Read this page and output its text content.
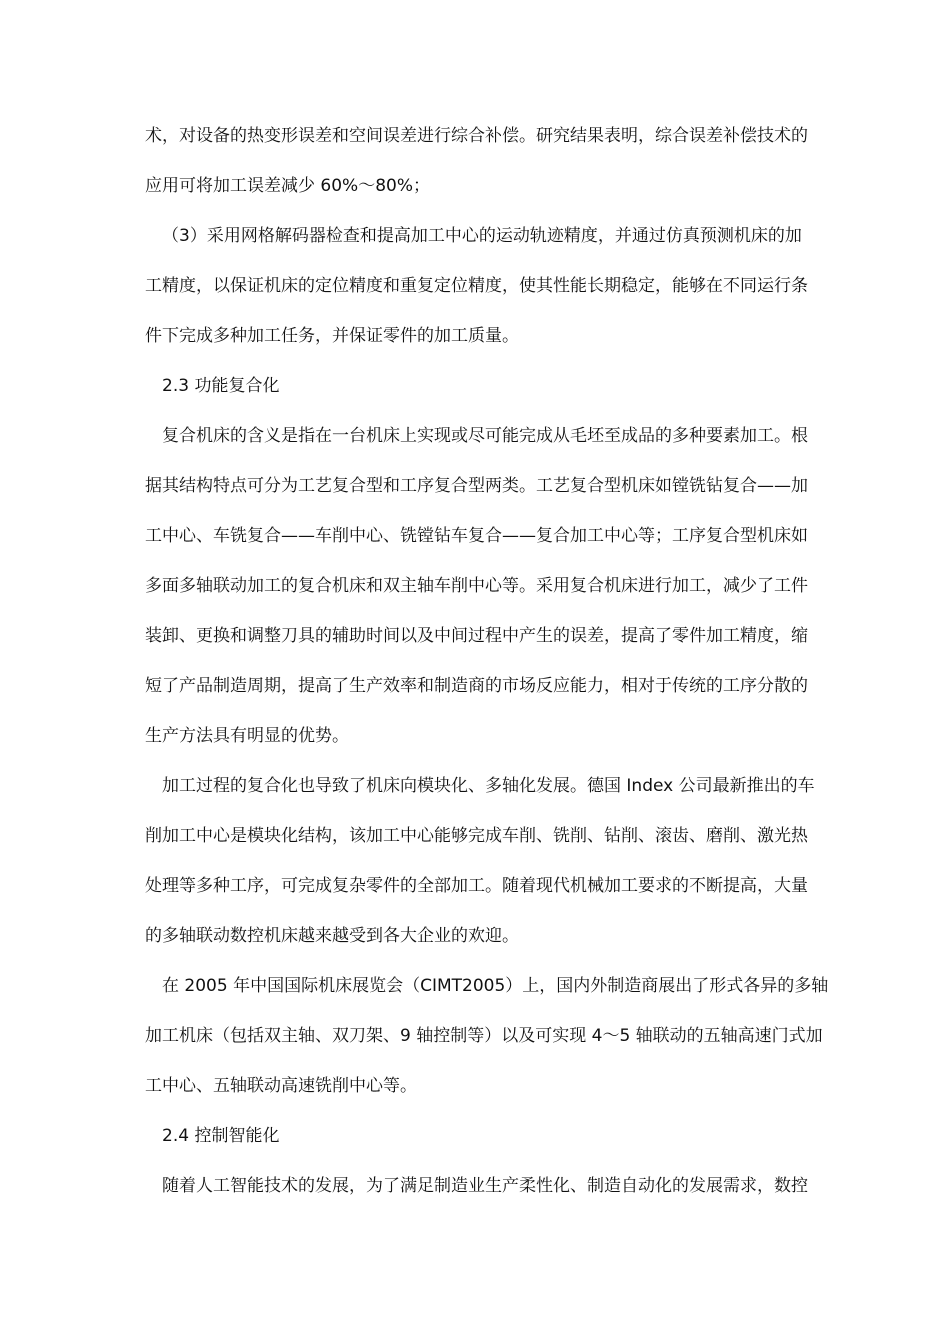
术，对设备的热变形误差和空间误差进行综合补偿。研究结果表明，综合误差补偿技术的
应用可将加工误差减少 60%～80%；
（3）采用网格解码器检查和提高加工中心的运动轨迹精度，并通过仿真预测机床的加
工精度，以保证机床的定位精度和重复定位精度，使其性能长期稳定，能够在不同运行条
件下完成多种加工任务，并保证零件的加工质量。
2.3 功能复合化
复合机床的含义是指在一台机床上实现或尽可能完成从毛坯至成品的多种要素加工。根
据其结构特点可分为工艺复合型和工序复合型两类。工艺复合型机床如镗铣钻复合——加
工中心、车铣复合——车削中心、铣镗钻车复合——复合加工中心等；工序复合型机床如
多面多轴联动加工的复合机床和双主轴车削中心等。采用复合机床进行加工，减少了工件
装卸、更换和调整刀具的辅助时间以及中间过程中产生的误差，提高了零件加工精度，缩
短了产品制造周期，提高了生产效率和制造商的市场反应能力，相对于传统的工序分散的
生产方法具有明显的优势。
加工过程的复合化也导致了机床向模块化、多轴化发展。德国 Index 公司最新推出的车
削加工中心是模块化结构，该加工中心能够完成车削、铣削、钻削、滚齿、磨削、激光热
处理等多种工序，可完成复杂零件的全部加工。随着现代机械加工要求的不断提高，大量
的多轴联动数控机床越来越受到各大企业的欢迎。
在 2005 年中国国际机床展览会（CIMT2005）上，国内外制造商展出了形式各异的多轴
加工机床（包括双主轴、双刀架、9 轴控制等）以及可实现 4～5 轴联动的五轴高速门式加
工中心、五轴联动高速铣削中心等。
2.4 控制智能化
随着人工智能技术的发展，为了满足制造业生产柔性化、制造自动化的发展需求，数控
